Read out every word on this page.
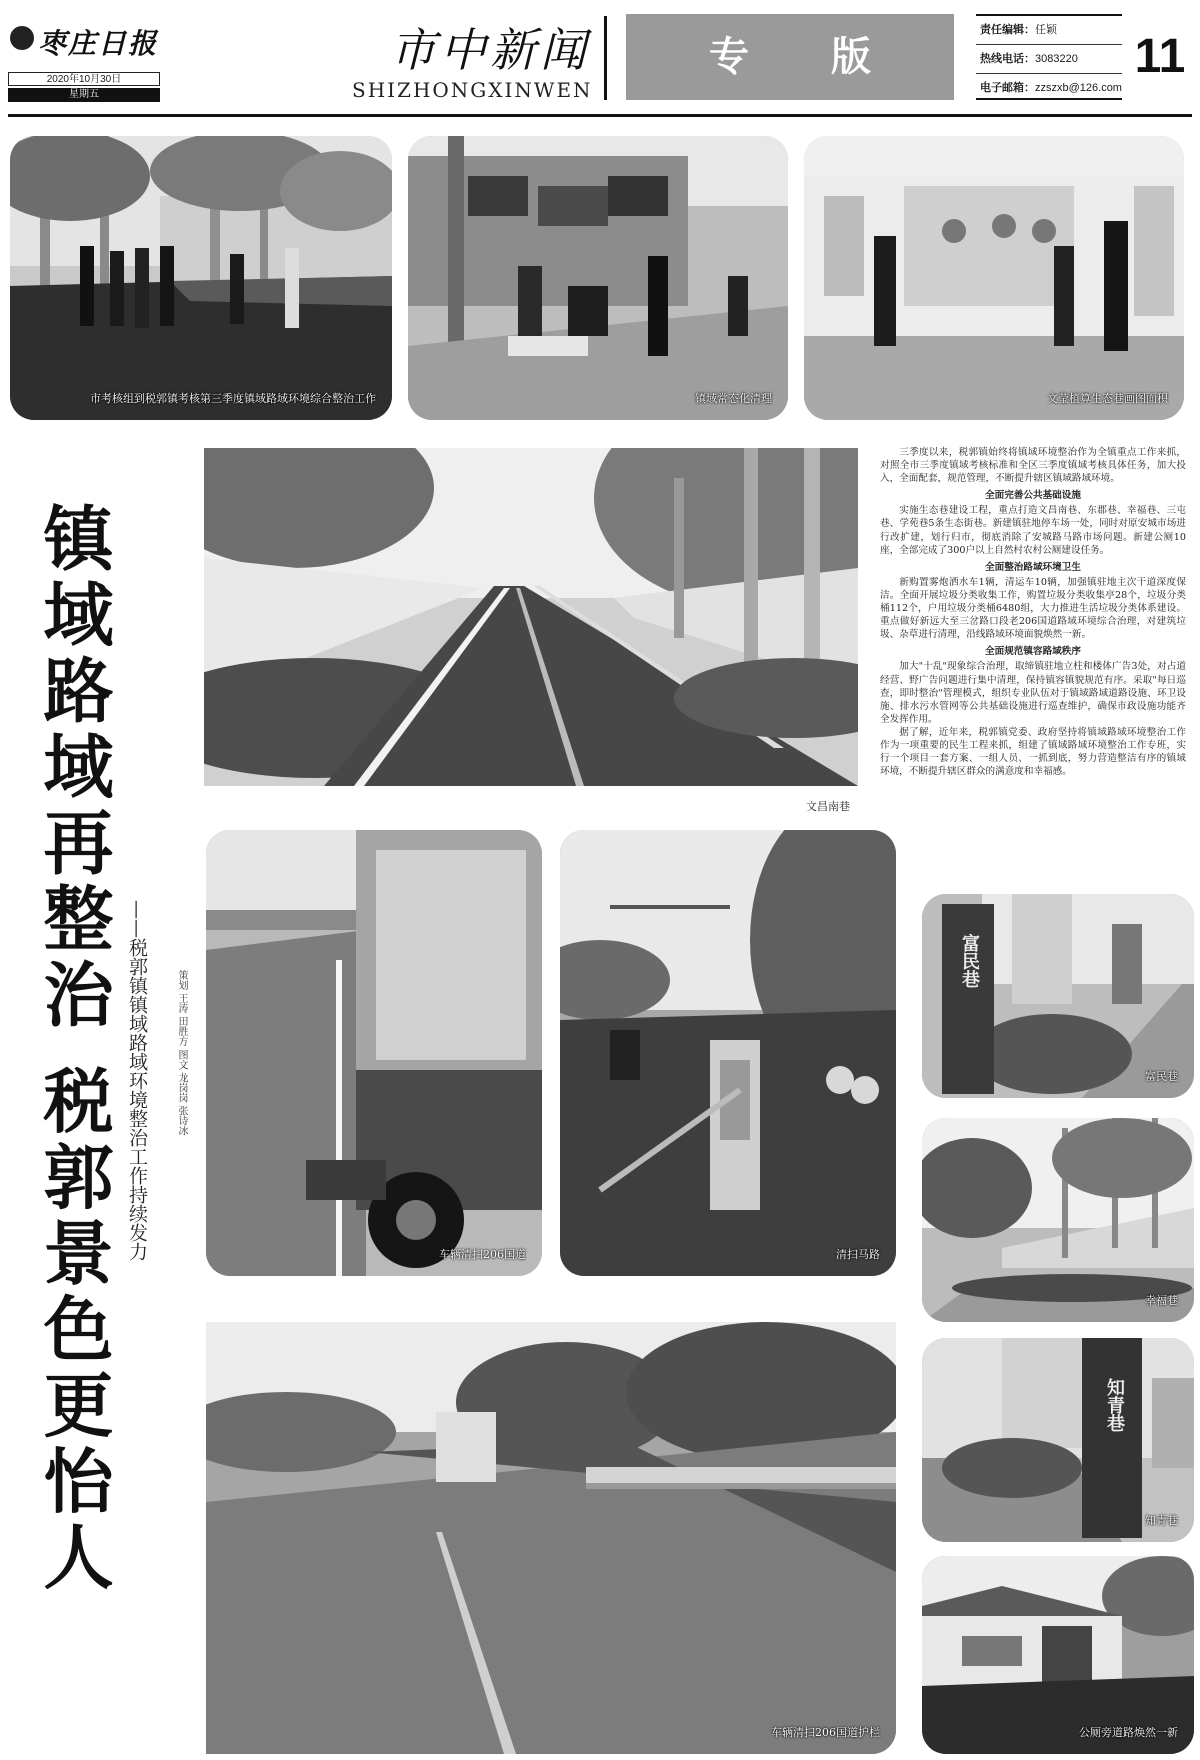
枣庄日报
2020年10月30日
星期五
市中新闻
SHIZHONGXINWEN
专 版
责任编辑：任颖
热线电话：3083220
电子邮箱：zzszxb@126.com
11
市考核组到税郭镇考核第三季度镇域路域环境综合整治工作	镇域常态化清理	文莹植算生态巷画图面积
文昌南巷

三季度以来，税郭镇始终将镇域环境整治作为全镇重点工作来抓，对照全市三季度镇域考核标准和全区三季度镇域考核具体任务，加大投入，全面配套，规范管理，不断提升辖区镇域路域环境。

全面完善公共基础设施

实施生态巷建设工程，重点打造文昌南巷、东郡巷、幸福巷、三屯巷、学苑巷5条生态街巷。新建镇驻地停车场一处，同时对原安城市场进行改扩建，划行归市，彻底消除了安城路马路市场问题。新建公厕10座，全部完成了300户以上自然村农村公厕建设任务。

全面整治路域环境卫生

新购置雾炮洒水车1辆，清运车10辆，加强镇驻地主次干道深度保洁。全面开展垃圾分类收集工作，购置垃圾分类收集亭28个，垃圾分类桶112个，户用垃圾分类桶6480组，大力推进生活垃圾分类体系建设。重点做好新远大至三岔路口段老206国道路域环境综合治理，对建筑垃圾、杂草进行清理，沿线路域环境面貌焕然一新。

全面规范镇容路域秩序

加大"十乱"现象综合治理，取缔镇驻地立柱和楼体广告3处，对占道经营、野广告问题进行集中清理，保持镇容镇貌规范有序。采取"每日巡查，即时整治"管理模式，组织专业队伍对于镇域路域道路设施、环卫设施、排水污水管网等公共基础设施进行巡查维护，确保市政设施功能齐全发挥作用。

据了解，近年来，税郭镇党委、政府坚持将镇域路域环境整治工作作为一项重要的民生工程来抓，组建了镇域路域环境整治工作专班，实行一个项目一套方案、一组人员、一抓到底，努力营造整洁有序的镇域环境，不断提升辖区群众的满意度和幸福感。

镇域路域再整治 税郭景色更怡人 ——税郭镇镇域路域环境整治工作持续发力	策划 王涛 田胜方 图文 龙岗岗 张诗冰
车辆清扫206国道	清扫马路
车辆清扫206国道护栏
富民巷
富民巷
幸福巷
知青巷
知青巷
公厕旁道路焕然一新
